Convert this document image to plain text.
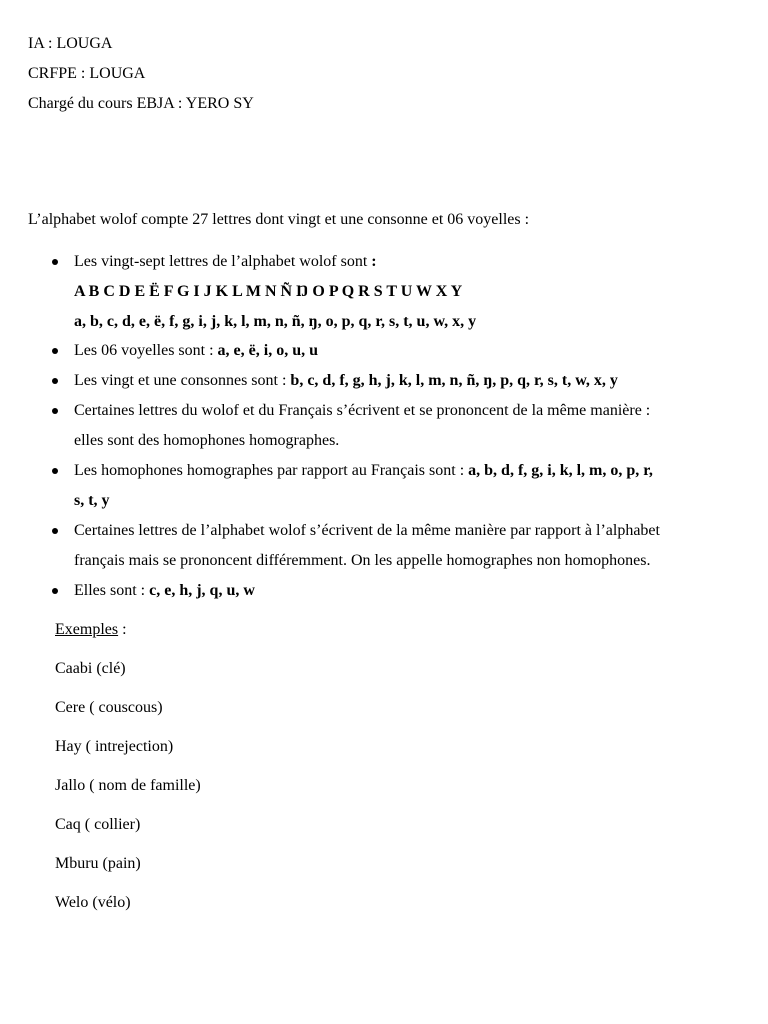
IA : LOUGA
CRFPE : LOUGA
Chargé du cours EBJA : YERO SY
L’alphabet wolof compte 27 lettres dont vingt et une consonne et 06 voyelles :
Les vingt-sept lettres de l’alphabet wolof sont :
A B C D E Ë F G I J K L M N Ñ Ŋ O P Q R S T U W X Y
a, b, c, d, e, ë, f, g, i, j, k, l, m, n, ñ, ŋ, o, p, q, r, s, t, u, w, x, y
Les 06 voyelles sont : a, e, ë, i, o, u, u
Les vingt et une consonnes sont : b, c, d, f, g, h, j, k, l, m, n, ñ, ŋ, p, q, r, s, t, w, x, y
Certaines lettres du wolof et du Français s’écrivent et se prononcent de la même manière :
elles sont des homophones homographes.
Les homophones homographes par rapport au Français sont : a, b, d, f, g, i, k, l, m, o, p, r,
s, t, y
Certaines lettres de l’alphabet wolof s’écrivent de la même manière par rapport à l’alphabet
français mais se prononcent différemment. On les appelle homographes non homophones.
Elles sont : c, e, h, j, q, u, w
Exemples :
Caabi (clé)
Cere ( couscous)
Hay ( intrejection)
Jallo ( nom de famille)
Caq ( collier)
Mburu (pain)
Welo (vélo)
